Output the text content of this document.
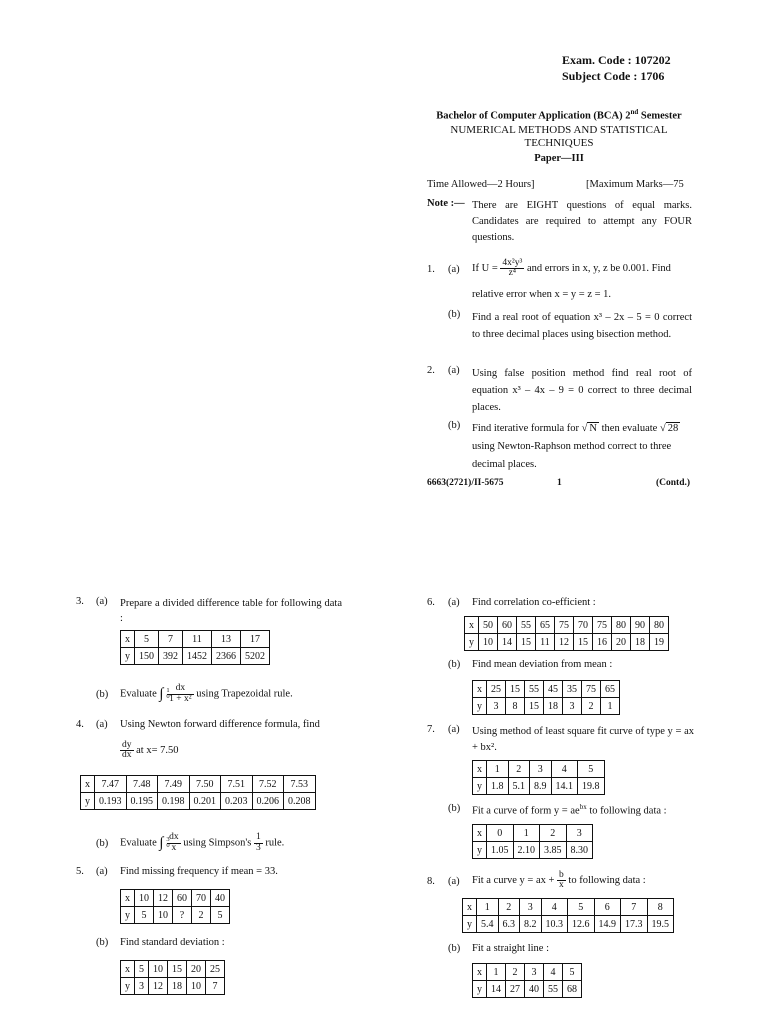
Exam. Code : 107202
Subject Code : 1706
Bachelor of Computer Application (BCA) 2nd Semester
NUMERICAL METHODS AND STATISTICAL TECHNIQUES
Paper—III
Time Allowed—2 Hours]	[Maximum Marks—75
Note :— There are EIGHT questions of equal marks. Candidates are required to attempt any FOUR questions.
1. (a) If $U = \frac{\text{4x²y³}}{\text{z⁴}}$ and errors in x, y, z be 0.001. Find relative error when x = y = z = 1.
(b) Find a real root of equation x³ – 2x – 5 = 0 correct to three decimal places using bisection method.
2. (a) Using false position method find real root of equation x³ – 4x – 9 = 0 correct to three decimal places.
(b) Find iterative formula for √ N then evaluate √ 28 using Newton-Raphson method correct to three decimal places.
6663(2721)/II-5675	1	(Contd.)
3. (a) Prepare a divided difference table for following data :
x	5	7	11	13	17
y	150	392	1452	2366	5202
(b) Evaluate ∫ 1
0

$\frac{dx}{\text{1 + x²}}$ using Trapezoidal rule.
4. (a) Using Newton forward difference formula, find
$\frac{dy}{dx}$ at x= 7.50
x	7.47	7.48	7.49	7.50	7.51	7.52	7.53
y	0.193	0.195	0.198	0.201	0.203	0.206	0.208
(b) Evaluate ∫ 3
0

$\frac{dx}{x}$ using Simpson's $\frac{1}{3}$ rule.
5. (a) Find missing frequency if mean = 33.
x	10	12	60	70	40
y	5	10	?	2	5
(b) Find standard deviation :
x	5	10	15	20	25
y	3	12	18	10	7
6. (a) Find correlation co-efficient :
x	50	60	55	65	75	70	75	80	90	80
y	10	14	15	11	12	15	16	20	18	19
(b) Find mean deviation from mean :
x	25	15	55	45	35	75	65
y	3	8	15	18	3	2	1
7. (a) Using method of least square fit curve of type y = ax + bx².
x	1	2	3	4	5
y	1.8	5.1	8.9	14.1	19.8
(b) Fit a curve of form $y = ae^{bx}$ to following data :
x	0	1	2	3
y	1.05	2.10	3.85	8.30
8. (a) Fit a curve y = ax + $\frac{b}{x}$ to following data :
x	1	2	3	4	5	6	7	8
y	5.4	6.3	8.2	10.3	12.6	14.9	17.3	19.5
(b) Fit a straight line :
x	1	2	3	4	5
y	14	27	40	55	68
